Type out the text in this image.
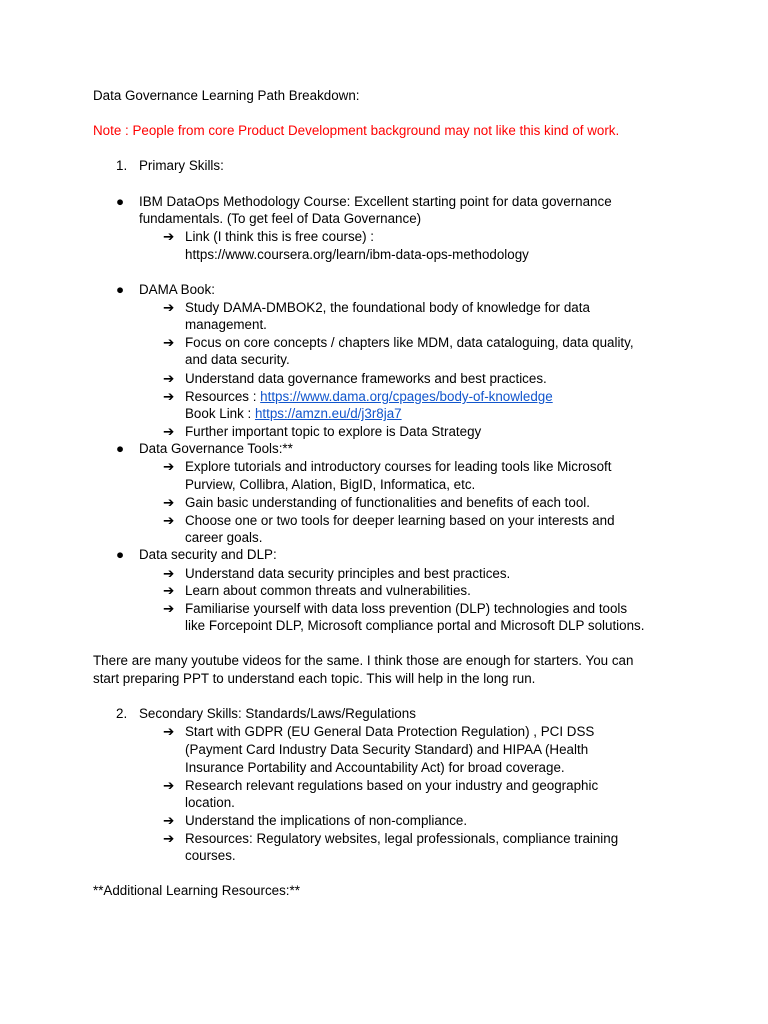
Data Governance Learning Path Breakdown:
Note : People from core Product Development background may not like this kind of work.
1. Primary Skills:
● IBM DataOps Methodology Course: Excellent starting point for data governance
fundamentals. (To get feel of Data Governance)
➔ Link (I think this is free course) :
https://www.coursera.org/learn/ibm-data-ops-methodology
● DAMA Book:
➔ Study DAMA-DMBOK2, the foundational body of knowledge for data
management.
➔ Focus on core concepts / chapters like MDM, data cataloguing, data quality,
and data security.
➔ Understand data governance frameworks and best practices.
➔ Resources : https://www.dama.org/cpages/body-of-knowledge
Book Link : https://amzn.eu/d/j3r8ja7
➔ Further important topic to explore is Data Strategy
● Data Governance Tools:**
➔ Explore tutorials and introductory courses for leading tools like Microsoft
Purview, Collibra, Alation, BigID, Informatica, etc.
➔ Gain basic understanding of functionalities and benefits of each tool.
➔ Choose one or two tools for deeper learning based on your interests and
career goals.
● Data security and DLP:
➔ Understand data security principles and best practices.
➔ Learn about common threats and vulnerabilities.
➔ Familiarise yourself with data loss prevention (DLP) technologies and tools
like Forcepoint DLP, Microsoft compliance portal and Microsoft DLP solutions.
There are many youtube videos for the same. I think those are enough for starters. You can
start preparing PPT to understand each topic. This will help in the long run.
2. Secondary Skills: Standards/Laws/Regulations
➔ Start with GDPR (EU General Data Protection Regulation) , PCI DSS
(Payment Card Industry Data Security Standard) and HIPAA (Health
Insurance Portability and Accountability Act) for broad coverage.
➔ Research relevant regulations based on your industry and geographic
location.
➔ Understand the implications of non-compliance.
➔ Resources: Regulatory websites, legal professionals, compliance training
courses.
**Additional Learning Resources:**
